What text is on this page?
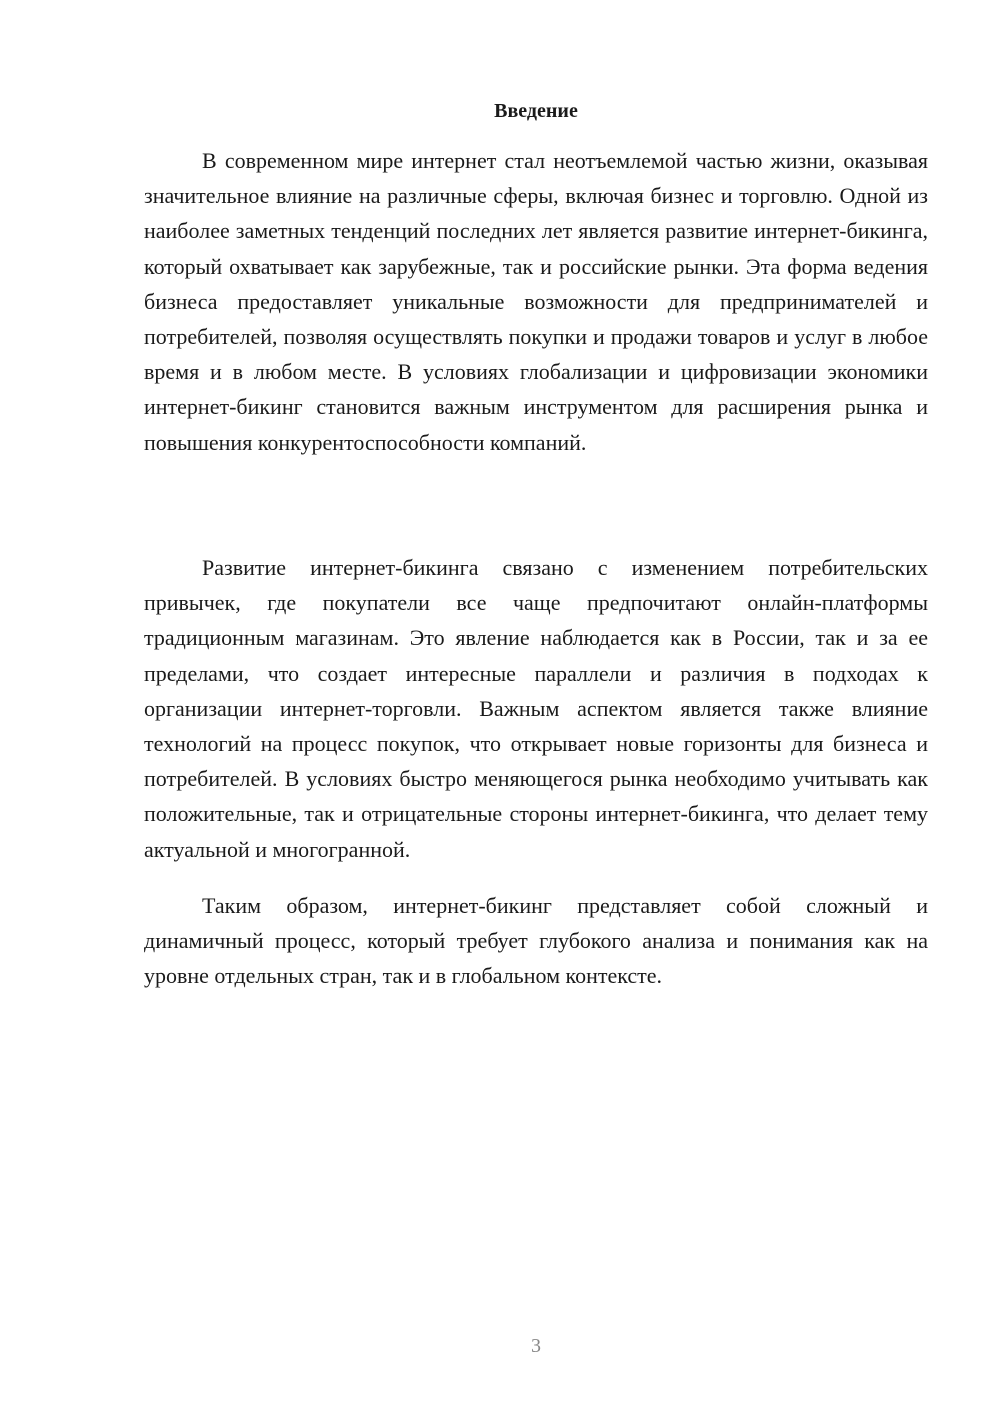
Введение

В современном мире интернет стал неотъемлемой частью жизни, оказывая значительное влияние на различные сферы, включая бизнес и торговлю. Одной из наиболее заметных тенденций последних лет является развитие интернет-бикинга, который охватывает как зарубежные, так и российские рынки. Эта форма ведения бизнеса предоставляет уникальные возможности для предпринимателей и потребителей, позволяя осуществлять покупки и продажи товаров и услуг в любое время и в любом месте. В условиях глобализации и цифровизации экономики интернет-бикинг становится важным инструментом для расширения рынка и повышения конкурентоспособности компаний.

Развитие интернет-бикинга связано с изменением потребительских привычек, где покупатели все чаще предпочитают онлайн-платформы традиционным магазинам. Это явление наблюдается как в России, так и за ее пределами, что создает интересные параллели и различия в подходах к организации интернет-торговли. Важным аспектом является также влияние технологий на процесс покупок, что открывает новые горизонты для бизнеса и потребителей. В условиях быстро меняющегося рынка необходимо учитывать как положительные, так и отрицательные стороны интернет-бикинга, что делает тему актуальной и многогранной.

Таким образом, интернет-бикинг представляет собой сложный и динамичный процесс, который требует глубокого анализа и понимания как на уровне отдельных стран, так и в глобальном контексте.

3
